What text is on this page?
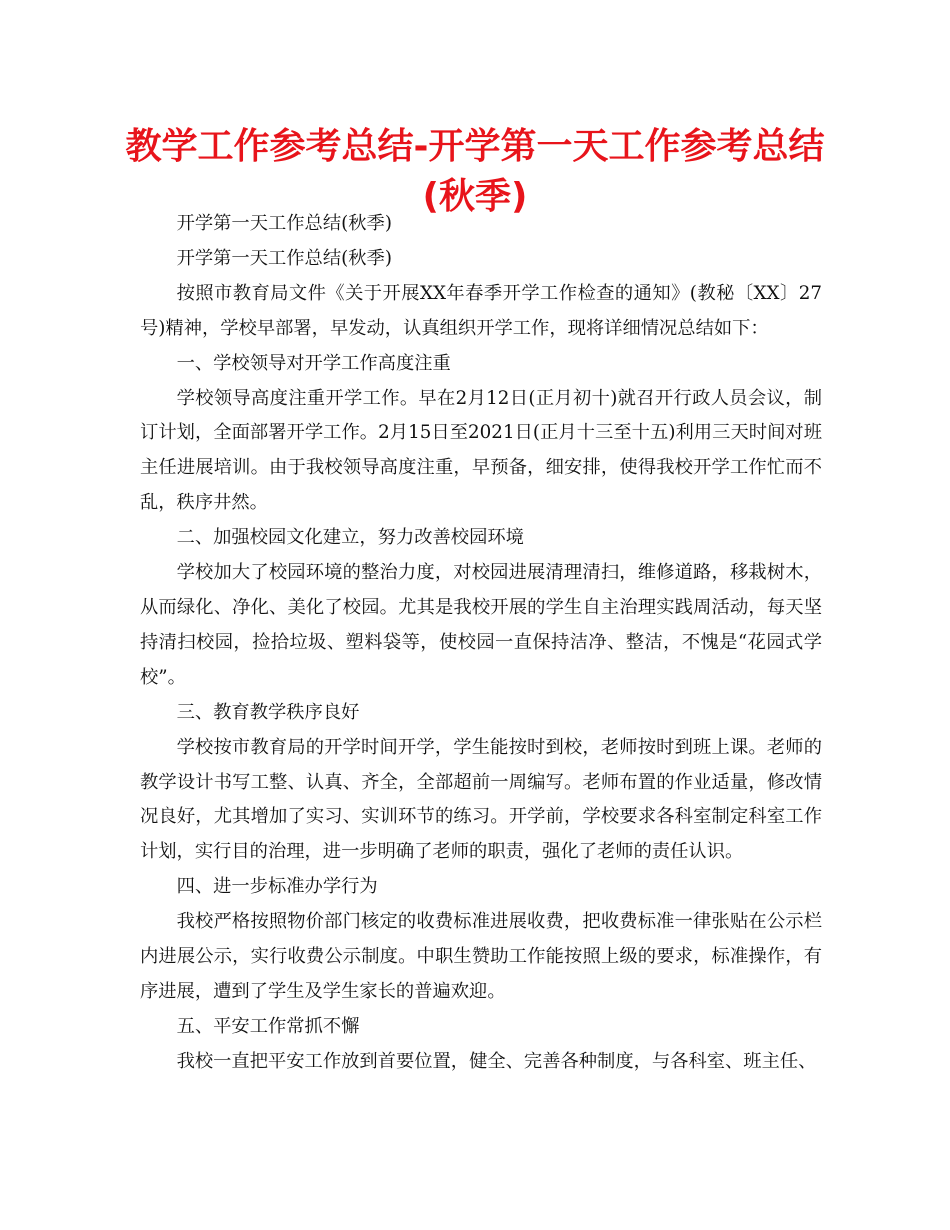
教学工作参考总结-开学第一天工作参考总结(秋季)

开学第一天工作总结(秋季)

开学第一天工作总结(秋季)

按照市教育局文件《关于开展XX年春季开学工作检查的通知》(教秘〔XX〕27号)精神，学校早部署，早发动，认真组织开学工作，现将详细情况总结如下：

一、学校领导对开学工作高度注重

学校领导高度注重开学工作。早在2月12日(正月初十)就召开行政人员会议，制订计划，全面部署开学工作。2月15日至2021日(正月十三至十五)利用三天时间对班主任进展培训。由于我校领导高度注重，早预备，细安排，使得我校开学工作忙而不乱，秩序井然。

二、加强校园文化建立，努力改善校园环境

学校加大了校园环境的整治力度，对校园进展清理清扫，维修道路，移栽树木，从而绿化、净化、美化了校园。尤其是我校开展的学生自主治理实践周活动，每天坚持清扫校园，捡拾垃圾、塑料袋等，使校园一直保持洁净、整洁，不愧是“花园式学校”。

三、教育教学秩序良好

学校按市教育局的开学时间开学，学生能按时到校，老师按时到班上课。老师的教学设计书写工整、认真、齐全，全部超前一周编写。老师布置的作业适量，修改情况良好，尤其增加了实习、实训环节的练习。开学前，学校要求各科室制定科室工作计划，实行目的治理，进一步明确了老师的职责，强化了老师的责任认识。

四、进一步标准办学行为

我校严格按照物价部门核定的收费标准进展收费，把收费标准一律张贴在公示栏内进展公示，实行收费公示制度。中职生赞助工作能按照上级的要求，标准操作，有序进展，遭到了学生及学生家长的普遍欢迎。

五、平安工作常抓不懈

我校一直把平安工作放到首要位置，健全、完善各种制度，与各科室、班主任、
